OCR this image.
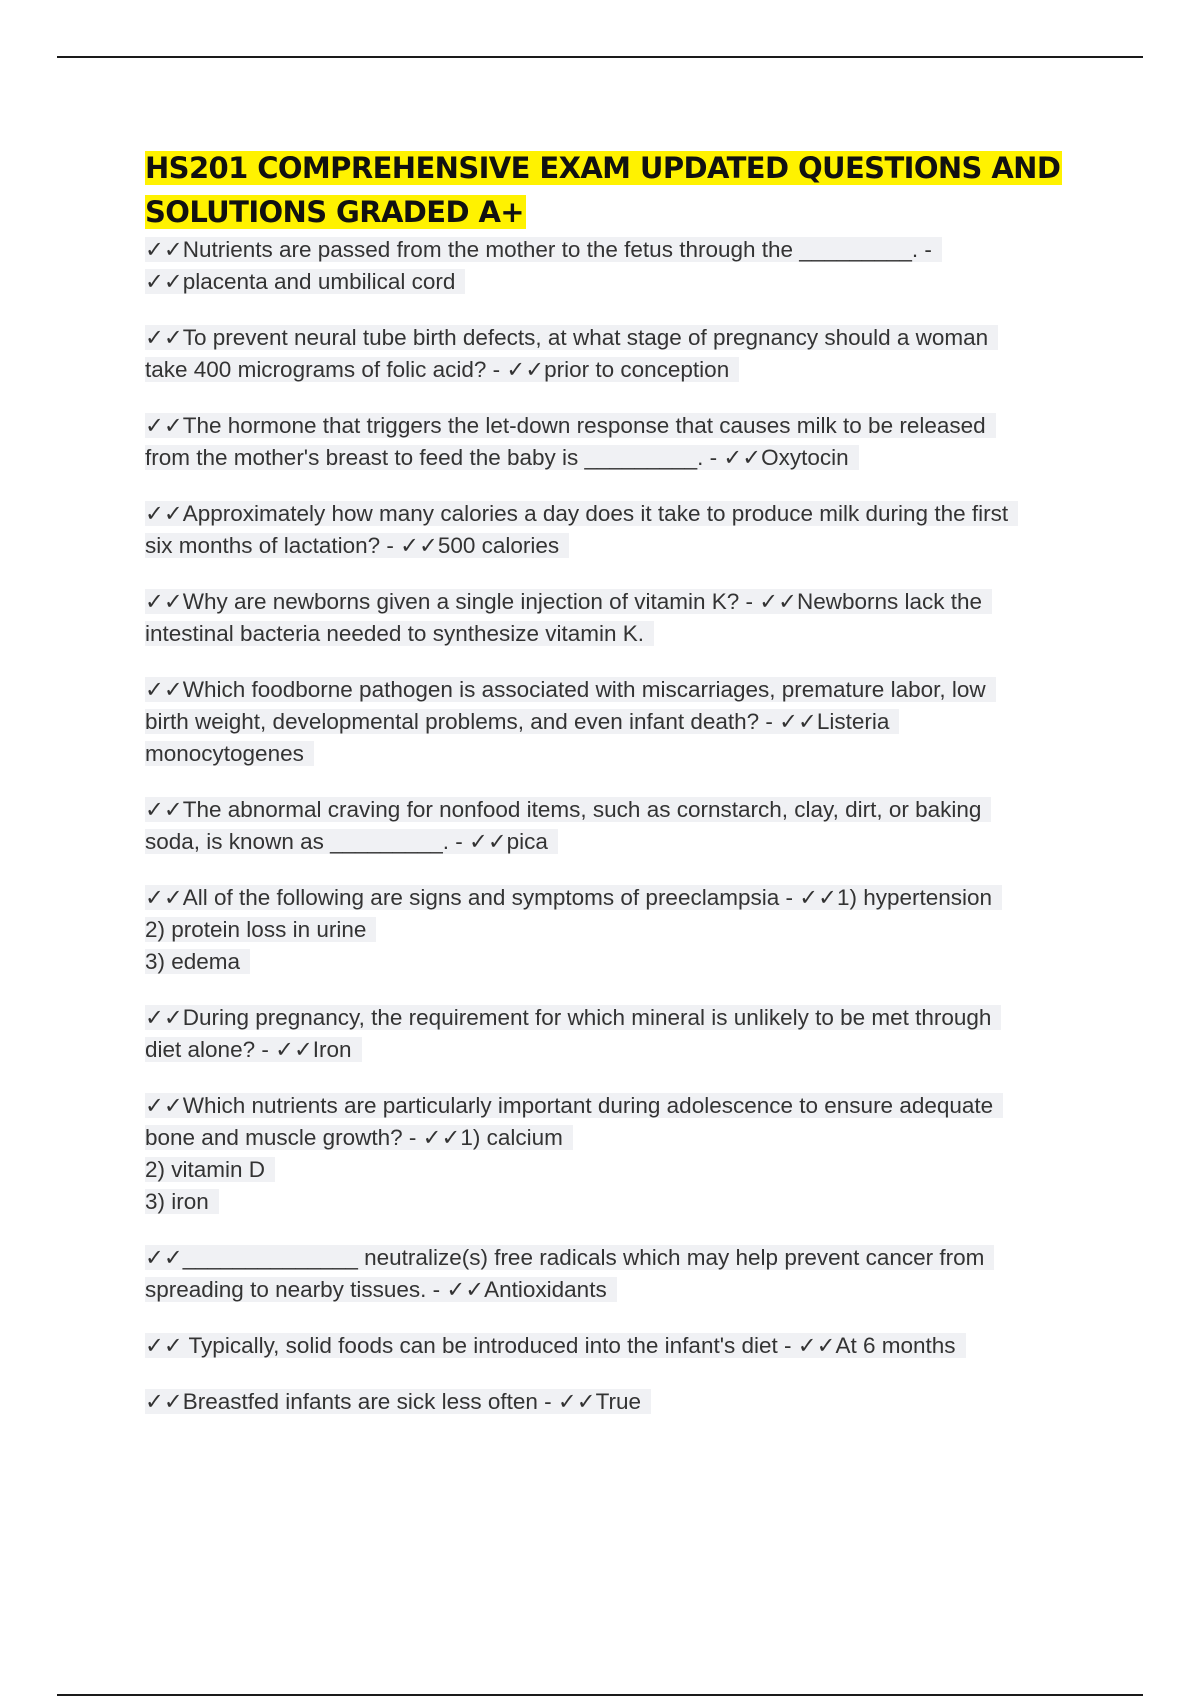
HS201 COMPREHENSIVE EXAM UPDATED QUESTIONS AND
SOLUTIONS GRADED A+
✓✓Nutrients are passed from the mother to the fetus through the _________. -
✓✓placenta and umbilical cord
✓✓To prevent neural tube birth defects, at what stage of pregnancy should a woman
take 400 micrograms of folic acid? - ✓✓prior to conception
✓✓The hormone that triggers the let-down response that causes milk to be released
from the mother's breast to feed the baby is _________. - ✓✓Oxytocin
✓✓Approximately how many calories a day does it take to produce milk during the first
six months of lactation? - ✓✓500 calories
✓✓Why are newborns given a single injection of vitamin K? - ✓✓Newborns lack the
intestinal bacteria needed to synthesize vitamin K.
✓✓Which foodborne pathogen is associated with miscarriages, premature labor, low
birth weight, developmental problems, and even infant death? - ✓✓Listeria
monocytogenes
✓✓The abnormal craving for nonfood items, such as cornstarch, clay, dirt, or baking
soda, is known as _________. - ✓✓pica
✓✓All of the following are signs and symptoms of preeclampsia - ✓✓1) hypertension
2) protein loss in urine
3) edema
✓✓During pregnancy, the requirement for which mineral is unlikely to be met through
diet alone? - ✓✓Iron
✓✓Which nutrients are particularly important during adolescence to ensure adequate
bone and muscle growth? - ✓✓1) calcium
2) vitamin D
3) iron
✓✓______________ neutralize(s) free radicals which may help prevent cancer from
spreading to nearby tissues. - ✓✓Antioxidants
✓✓ Typically, solid foods can be introduced into the infant's diet - ✓✓At 6 months
✓✓Breastfed infants are sick less often - ✓✓True
